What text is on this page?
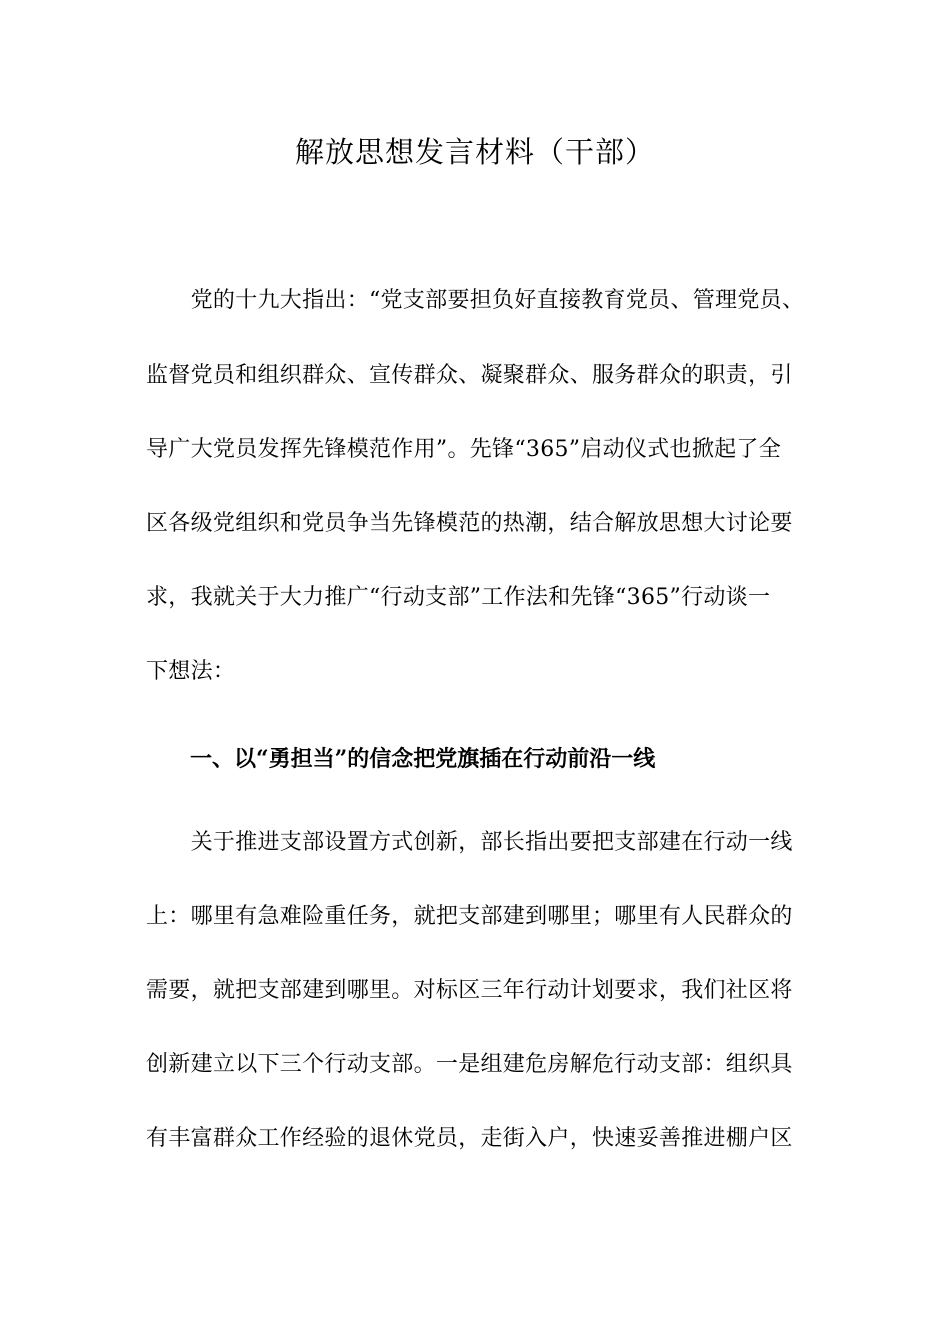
解放思想发言材料（干部）
　　党的十九大指出：“党支部要担负好直接教育党员、管理党员、
监督党员和组织群众、宣传群众、凝聚群众、服务群众的职责，引
导广大党员发挥先锋模范作用”。先锋“365”启动仪式也掀起了全
区各级党组织和党员争当先锋模范的热潮，结合解放思想大讨论要
求，我就关于大力推广“行动支部”工作法和先锋“365”行动谈一
下想法：
一、以“勇担当”的信念把党旗插在行动前沿一线
　　关于推进支部设置方式创新，部长指出要把支部建在行动一线
上：哪里有急难险重任务，就把支部建到哪里；哪里有人民群众的
需要，就把支部建到哪里。对标区三年行动计划要求，我们社区将
创新建立以下三个行动支部。一是组建危房解危行动支部：组织具
有丰富群众工作经验的退休党员，走街入户，快速妥善推进棚户区
